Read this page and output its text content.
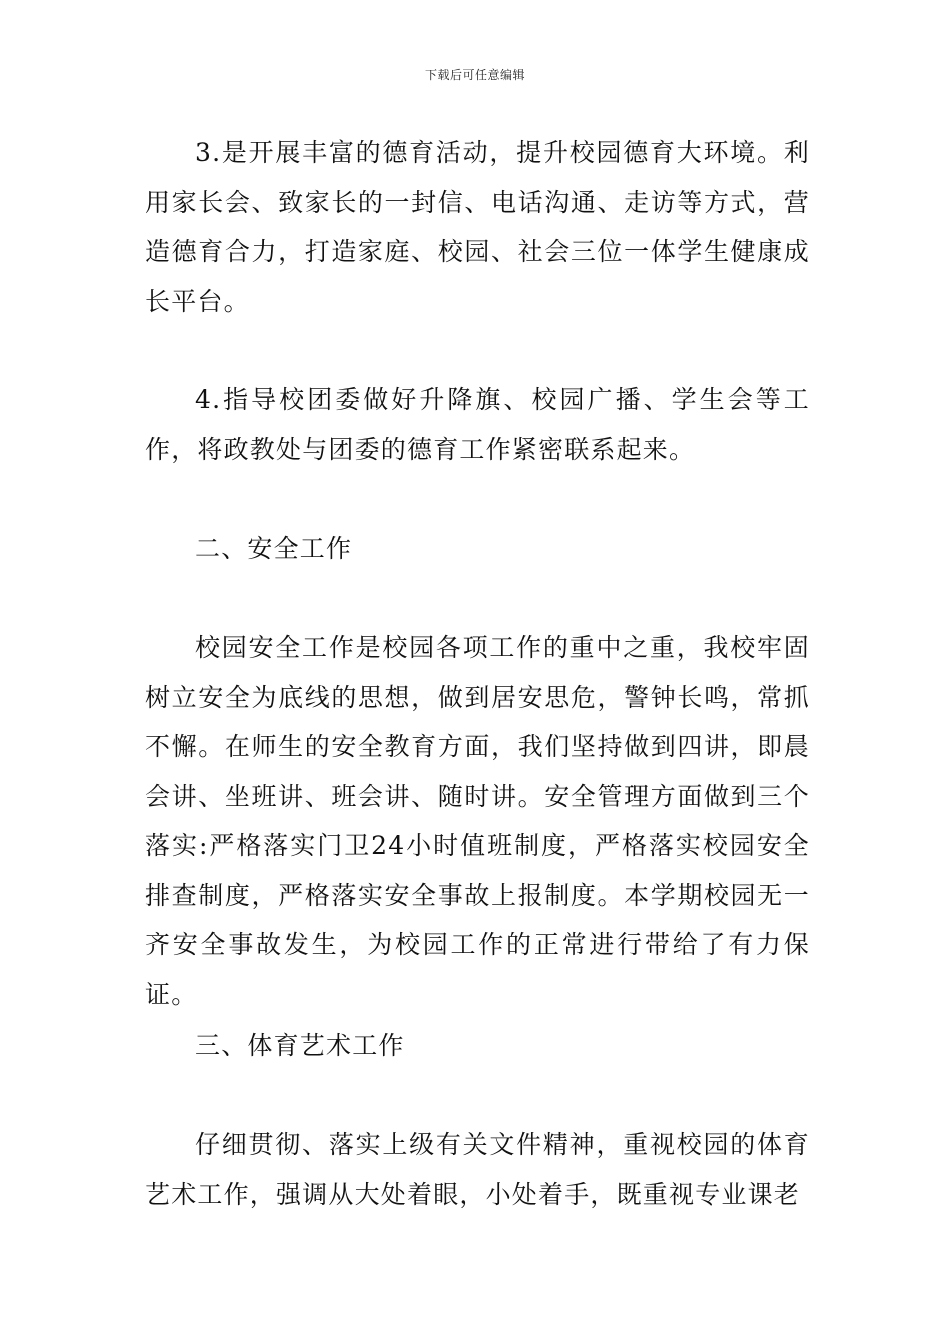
下载后可任意编辑

3.是开展丰富的德育活动，提升校园德育大环境。利用家长会、致家长的一封信、电话沟通、走访等方式，营造德育合力，打造家庭、校园、社会三位一体学生健康成长平台。

4.指导校团委做好升降旗、校园广播、学生会等工作，将政教处与团委的德育工作紧密联系起来。

二、安全工作

校园安全工作是校园各项工作的重中之重，我校牢固树立安全为底线的思想，做到居安思危，警钟长鸣，常抓不懈。在师生的安全教育方面，我们坚持做到四讲，即晨会讲、坐班讲、班会讲、随时讲。安全管理方面做到三个落实:严格落实门卫24小时值班制度，严格落实校园安全排查制度，严格落实安全事故上报制度。本学期校园无一齐安全事故发生，为校园工作的正常进行带给了有力保证。

三、体育艺术工作

仔细贯彻、落实上级有关文件精神，重视校园的体育艺术工作，强调从大处着眼，小处着手，既重视专业课老
